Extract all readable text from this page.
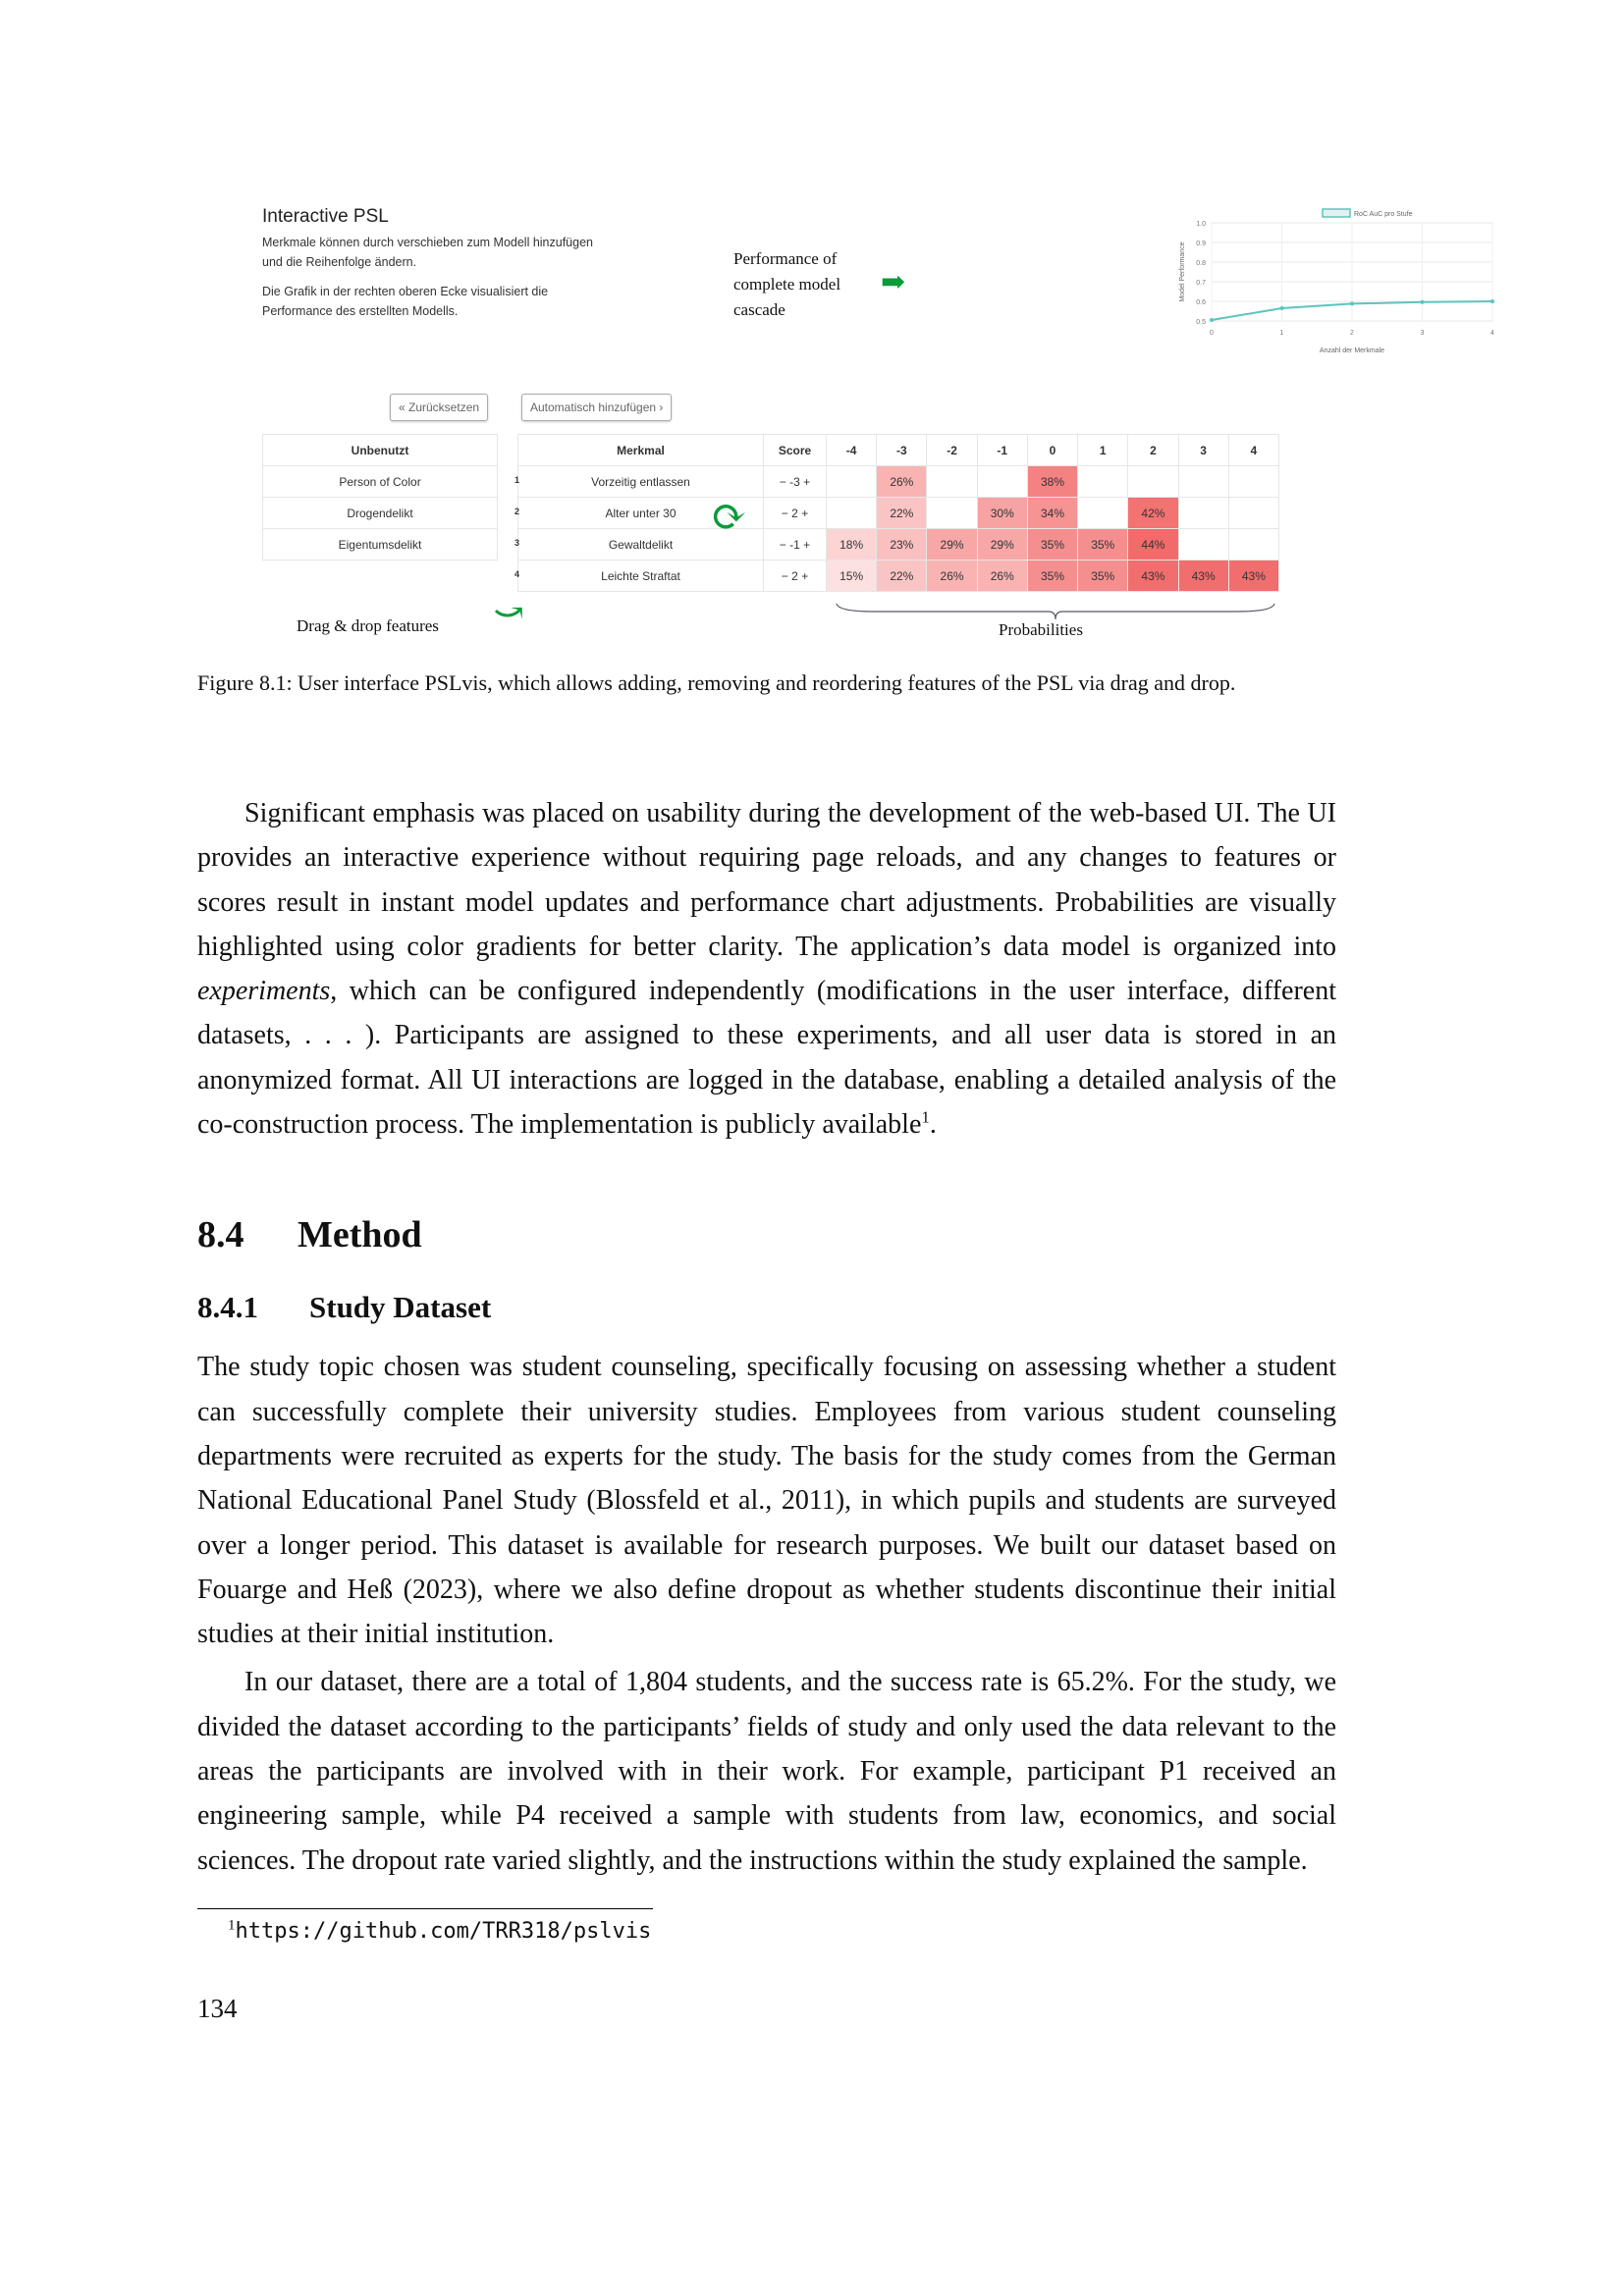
Interactive PSL
Merkmale können durch verschieben zum Modell hinzufügen und die Reihenfolge ändern.
Die Grafik in der rechten oberen Ecke visualisiert die Performance des erstellten Modells.
Performance of complete model cascade
➡
0.5
0.6
0.7
0.8
0.9
1.0
0	1	2	3	4
Anzahl der Merkmale
Model Performance
RoC AuC pro Stufe
« Zurücksetzen	Automatisch hinzufügen ›
Unbenutzt
Person of Color
Drogendelikt
Eigentumsdelikt
Merkmal	Score	-4	-3	-2	-1	0	1	2	3	4

1 Vorzeitig entlassen	− -3 +		26%			38%				

2 Alter unter 30	− 2 +		22%		30%	34%		42%		

3 Gewaltdelikt	− -1 +	18%	23%	29%	29%	35%	35%	44%		

4 Leichte Straftat	− 2 +	15%	22%	26%	26%	35%	35%	43%	43%	43%
⟳
Drag & drop features ⤻	Probabilities
Figure 8.1: User interface PSLvis, which allows adding, removing and reordering features of the PSL via drag and drop.

Significant emphasis was placed on usability during the development of the web-based UI. The UI provides an interactive experience without requiring page reloads, and any changes to features or scores result in instant model updates and performance chart adjustments. Probabilities are visually highlighted using color gradients for better clarity. The application’s data model is organized into experiments, which can be configured independently (modifications in the user interface, different datasets, . . . ). Participants are assigned to these experiments, and all user data is stored in an anonymized format. All UI interactions are logged in the database, enabling a detailed analysis of the co-construction process. The implementation is publicly available$^1$.

8.4 Method
8.4.1 Study Dataset

The study topic chosen was student counseling, specifically focusing on assessing whether a student can successfully complete their university studies. Employees from various student counseling departments were recruited as experts for the study. The basis for the study comes from the German National Educational Panel Study (Blossfeld et al., 2011), in which pupils and students are surveyed over a longer period. This dataset is available for research purposes. We built our dataset based on Fouarge and Heß (2023), where we also define dropout as whether students discontinue their initial studies at their initial institution.

In our dataset, there are a total of 1,804 students, and the success rate is 65.2%. For the study, we divided the dataset according to the participants’ fields of study and only used the data relevant to the areas the participants are involved with in their work. For example, participant P1 received an engineering sample, while P4 received a sample with students from law, economics, and social sciences. The dropout rate varied slightly, and the instructions within the study explained the sample.

$^1$https://github.com/TRR318/pslvis
134
